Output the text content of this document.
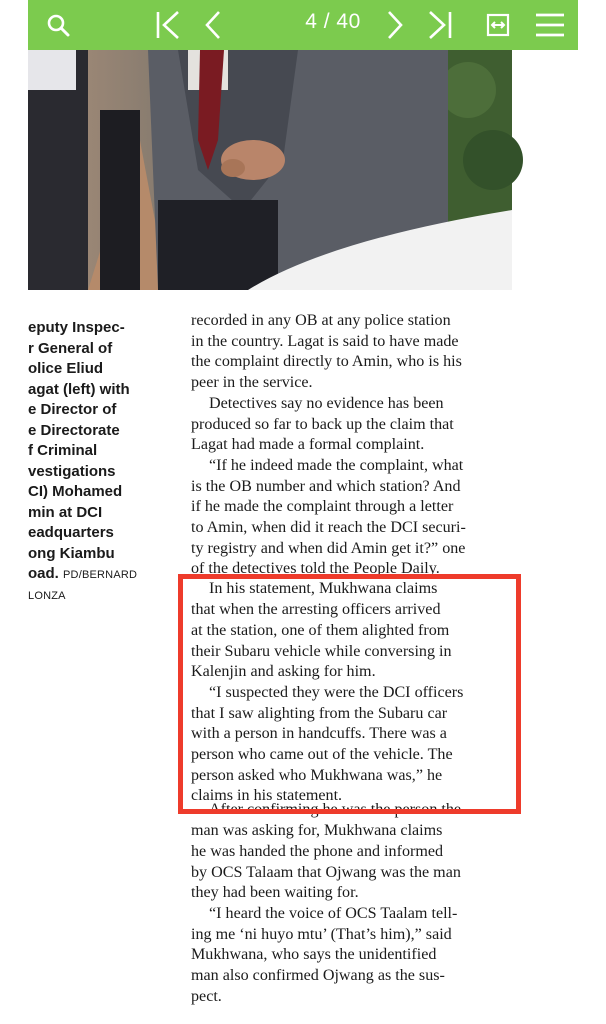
4 / 40
eputy Inspec-
r General of
olice Eliud
agat (left) with
e Director of
e Directorate
f Criminal
vestigations
CI) Mohamed
min at DCI
eadquarters
ong Kiambu
oad. PD/BERNARD
LONZA

recorded in any OB at any police station
in the country. Lagat is said to have made
the complaint directly to Amin, who is his
peer in the service.

Detectives say no evidence has been
produced so far to back up the claim that
Lagat had made a formal complaint.

“If he indeed made the complaint, what
is the OB number and which station? And
if he made the complaint through a letter
to Amin, when did it reach the DCI securi-
ty registry and when did Amin get it?” one

of the detectives told the People Daily.

In his statement, Mukhwana claims
that when the arresting officers arrived
at the station, one of them alighted from
their Subaru vehicle while conversing in
Kalenjin and asking for him.

“I suspected they were the DCI officers
that I saw alighting from the Subaru car
with a person in handcuffs. There was a
person who came out of the vehicle. The
person asked who Mukhwana was,” he
claims in his statement.

After confirming he was the person the

man was asking for, Mukhwana claims
he was handed the phone and informed
by OCS Talaam that Ojwang was the man
they had been waiting for.

“I heard the voice of OCS Taalam tell-
ing me ‘ni huyo mtu’ (That’s him),” said
Mukhwana, who says the unidentified
man also confirmed Ojwang as the sus-
pect.
